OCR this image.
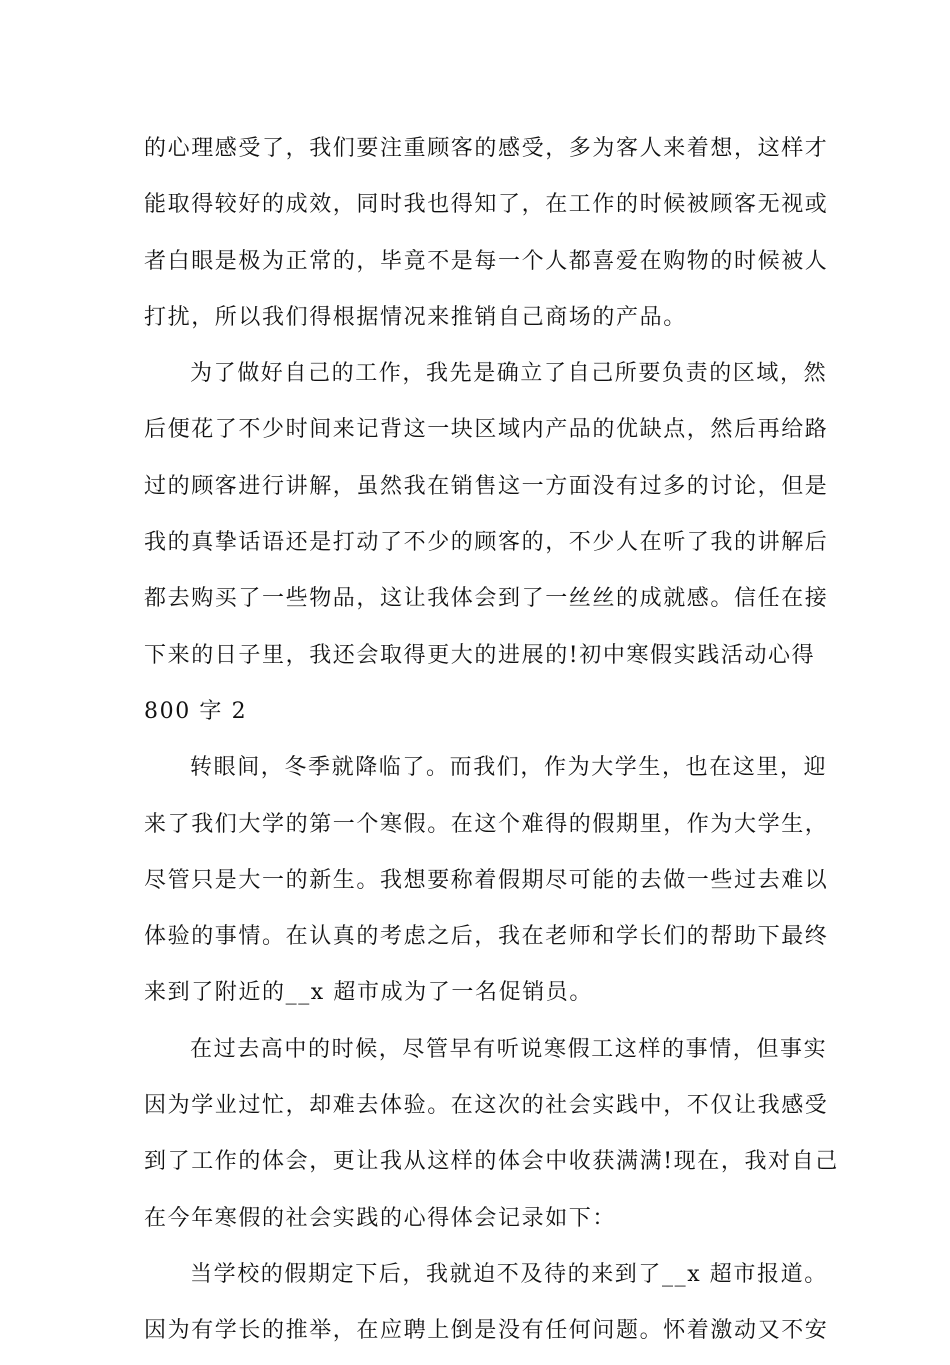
的心理感受了，我们要注重顾客的感受，多为客人来着想，这样才
能取得较好的成效，同时我也得知了，在工作的时候被顾客无视或
者白眼是极为正常的，毕竟不是每一个人都喜爱在购物的时候被人
打扰，所以我们得根据情况来推销自己商场的产品。
为了做好自己的工作，我先是确立了自己所要负责的区域，然
后便花了不少时间来记背这一块区域内产品的优缺点，然后再给路
过的顾客进行讲解，虽然我在销售这一方面没有过多的讨论，但是
我的真挚话语还是打动了不少的顾客的，不少人在听了我的讲解后
都去购买了一些物品，这让我体会到了一丝丝的成就感。信任在接
下来的日子里，我还会取得更大的进展的!初中寒假实践活动心得
800 字 2
转眼间，冬季就降临了。而我们，作为大学生，也在这里，迎
来了我们大学的第一个寒假。在这个难得的假期里，作为大学生，
尽管只是大一的新生。我想要称着假期尽可能的去做一些过去难以
体验的事情。在认真的考虑之后，我在老师和学长们的帮助下最终
来到了附近的__x 超市成为了一名促销员。
在过去高中的时候，尽管早有听说寒假工这样的事情，但事实
因为学业过忙，却难去体验。在这次的社会实践中，不仅让我感受
到了工作的体会，更让我从这样的体会中收获满满!现在，我对自己
在今年寒假的社会实践的心得体会记录如下：
当学校的假期定下后，我就迫不及待的来到了__x 超市报道。
因为有学长的推举，在应聘上倒是没有任何问题。怀着激动又不安
